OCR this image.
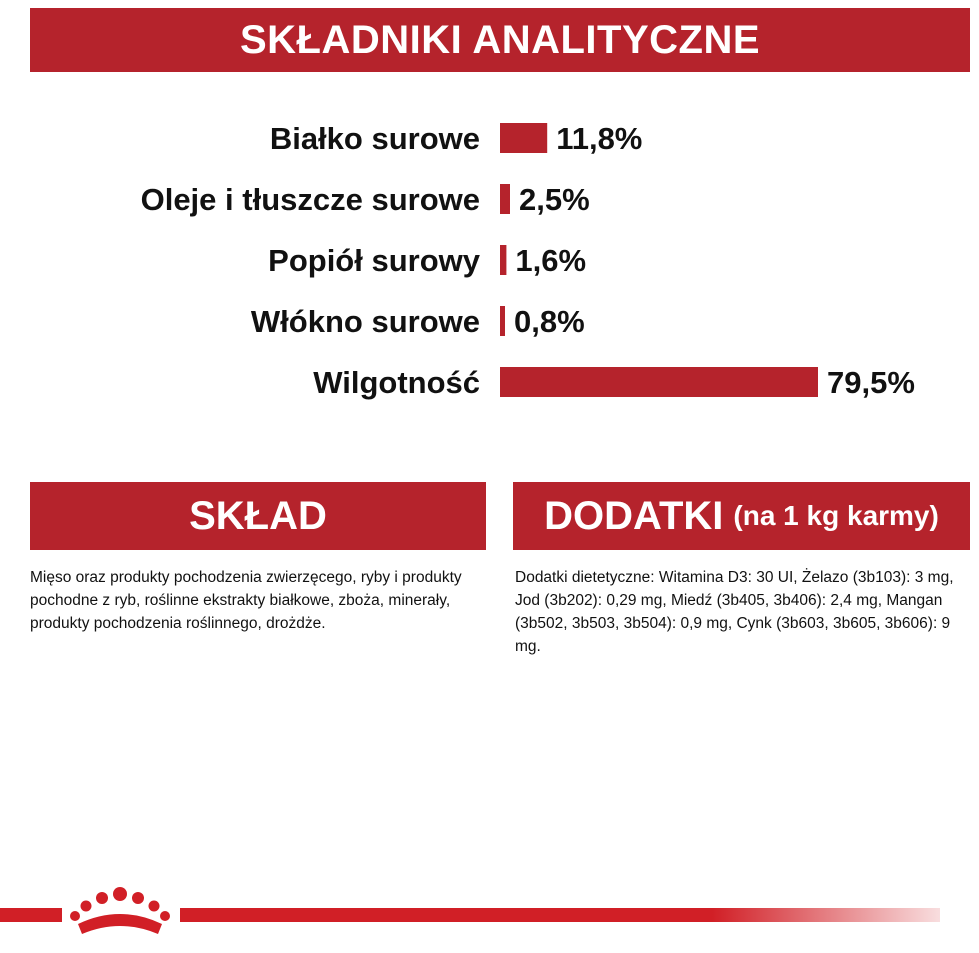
SKŁADNIKI ANALITYCZNE
Białko surowe 11,8%
Oleje i tłuszcze surowe 2,5%
Popiół surowy 1,6%
Włókno surowe 0,8%
Wilgotność	79,5%
SKŁAD	DODATKI (na 1 kg karmy)
Mięso oraz produkty pochodzenia zwierzęcego, ryby i produkty pochodne z ryb, roślinne ekstrakty białkowe, zboża, minerały, produkty pochodzenia roślinnego, drożdże.
Dodatki dietetyczne: Witamina D3: 30 UI, Żelazo (3b103): 3 mg, Jod (3b202): 0,29 mg, Miedź (3b405, 3b406): 2,4 mg, Mangan (3b502, 3b503, 3b504): 0,9 mg, Cynk (3b603, 3b605, 3b606): 9 mg.
